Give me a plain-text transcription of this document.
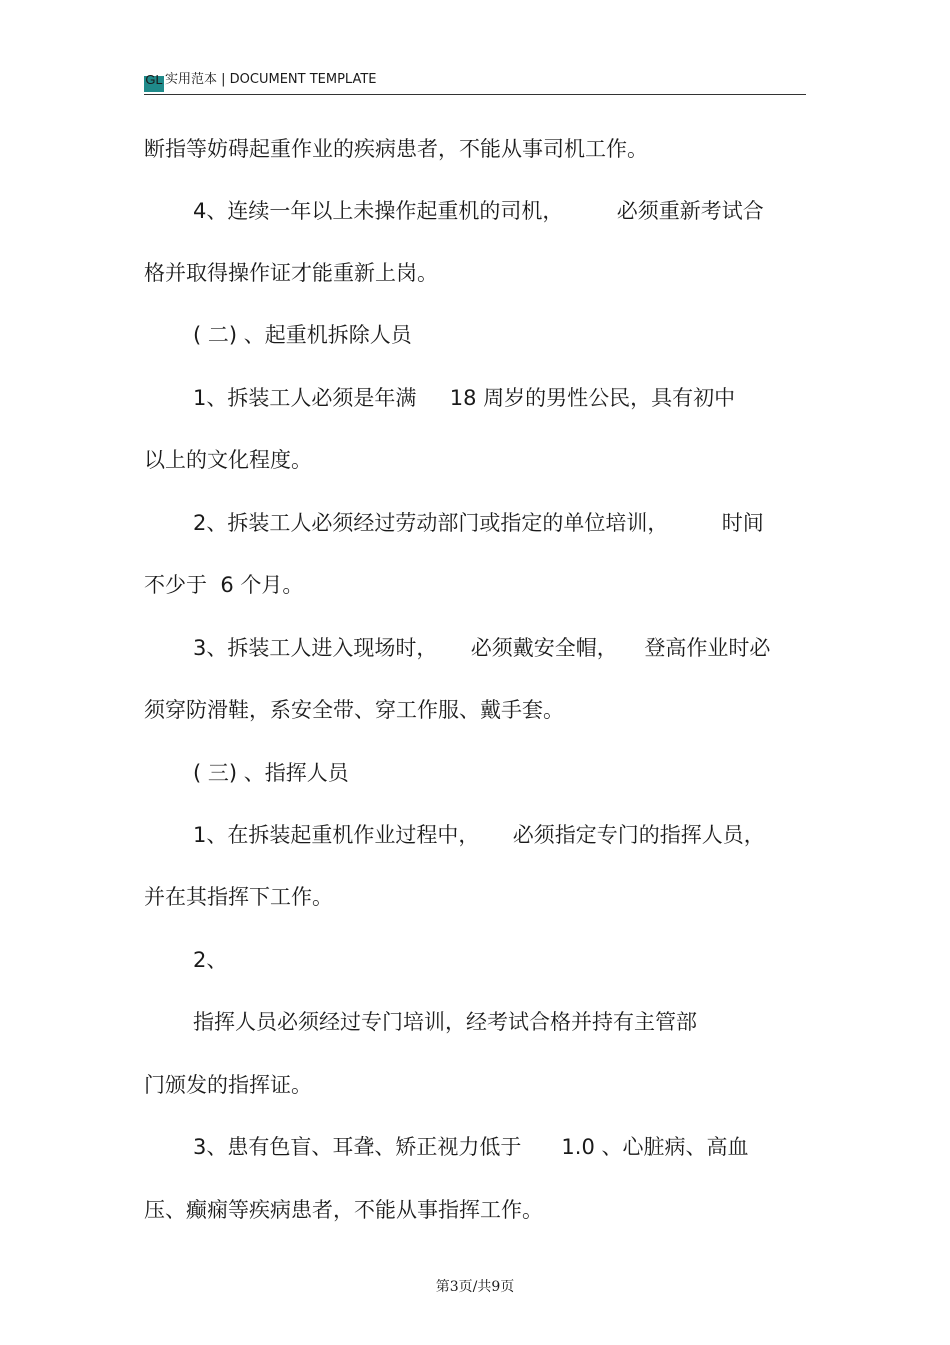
GL 实用范本 | DOCUMENT TEMPLATE
断指等妨碍起重作业的疾病患者，不能从事司机工作。
4、连续一年以上未操作起重机的司机，        必须重新考试合
格并取得操作证才能重新上岗。
( 二) 、起重机拆除人员
1、拆装工人必须是年满     18 周岁的男性公民，具有初中
以上的文化程度。
2、拆装工人必须经过劳动部门或指定的单位培训，        时间
不少于  6 个月。
3、拆装工人进入现场时，     必须戴安全帽，    登高作业时必
须穿防滑鞋，系安全带、穿工作服、戴手套。
( 三) 、指挥人员
1、在拆装起重机作业过程中，     必须指定专门的指挥人员，
并在其指挥下工作。
2、
指挥人员必须经过专门培训，经考试合格并持有主管部
门颁发的指挥证。
3、患有色盲、耳聋、矫正视力低于      1.0 、心脏病、高血
压、癫痫等疾病患者，不能从事指挥工作。
第3页/共9页
